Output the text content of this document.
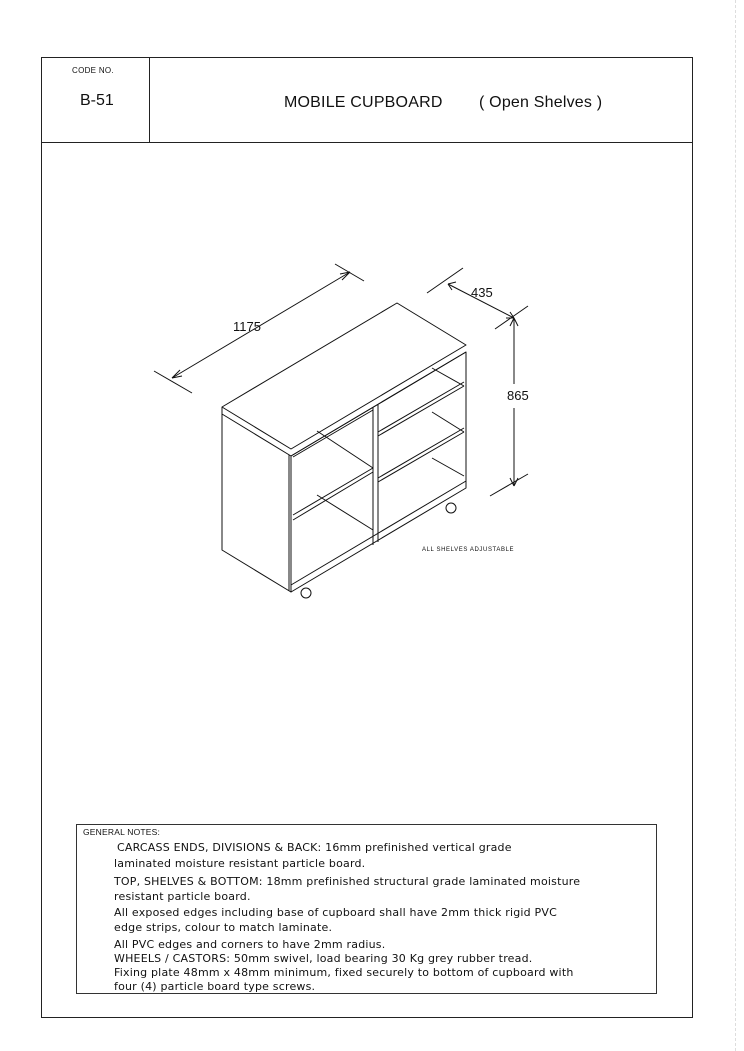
CODE NO.
B-51	MOBILE CUPBOARD ( Open Shelves )
1175
435
865
ALL SHELVES ADJUSTABLE
GENERAL NOTES:
CARCASS ENDS, DIVISIONS & BACK: 16mm prefinished vertical grade
laminated moisture resistant particle board.
TOP, SHELVES & BOTTOM: 18mm prefinished structural grade laminated moisture
resistant particle board.
All exposed edges including base of cupboard shall have 2mm thick rigid PVC
edge strips, colour to match laminate.
All PVC edges and corners to have 2mm radius.
WHEELS / CASTORS: 50mm swivel, load bearing 30 Kg grey rubber tread.
Fixing plate 48mm x 48mm minimum, fixed securely to bottom of cupboard with
four (4) particle board type screws.
